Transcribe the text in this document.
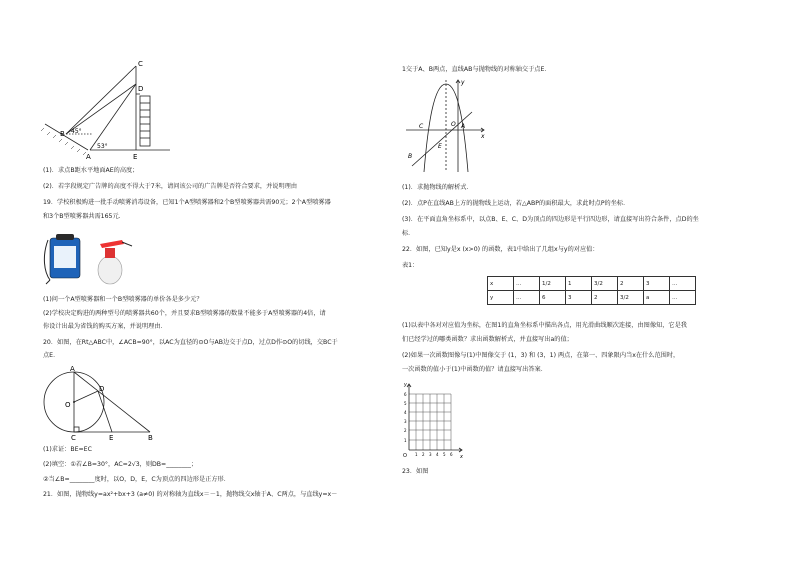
C
D
B
A	E
45°
53°
(1)．求点B距水平地面AE的高度；
(2)．若字段规定广告牌的高度不得大于7米，请问该公司的广告牌是否符合要求，并说明理由
19．学校积极购进一批手动喷雾消毒设备，已知1个A型喷雾器和2个B型喷雾器共需90元；2个A型喷雾器
和3个B型喷雾器共需165元．
(1)问一个A型喷雾器和一个B型喷雾器的单价各是多少元？
(2)学校决定购进的两种型号的喷雾器共60个，并且要求B型喷雾器的数量不能多于A型喷雾器的4倍，请
你设计出最为省钱的购买方案，并说明理由．
20．如图，在Rt△ABC中，∠ACB=90°，以AC为直径的⊙O与AB边交于点D，过点D作⊙O的切线，交BC于
点E．
A
O
D
C	E	B
(1)求证：BE=EC
(2)填空：①若∠B=30°，AC=2√3，则DB=________；
②当∠B=________度时，以O，D，E，C为顶点的四边形是正方形．
21．如图，抛物线y=ax²+bx+3 (a≠0) 的对称轴为直线x＝－1，抛物线交x轴于A、C两点，与直线y=x－
1交于A、B两点，直线AB与抛物线的对称轴交于点E．
y
x
O A
C
E
B
(1)．求抛物线的解析式．
(2)．点P在直线AB上方的抛物线上运动，若△ABP的面积最大，求此时点P的坐标．
(3)．在平面直角坐标系中，以点B、E、C、D为顶点的四边形是平行四边形，请直接写出符合条件，点D的坐
标．
22．如图，已知y是x (x>0) 的函数，表1中给出了几组x与y的对应值：
表1：
x	…	1/2	1	3/2	2	3	…
y	…	6	3	2	3/2	a	…
(1)以表中各对对应值为坐标，在图1的直角坐标系中描出各点，用光滑曲线顺次连接，由图像知，它是我
们已经学过的哪类函数？求出函数解析式，并直接写出a的值；
(2)如果一次函数图像与(1)中图像交于 (1，3) 和 (3，1) 两点，在第一、四象限内当x在什么范围时，
一次函数的值小于(1)中函数的值？请直接写出答案．
y
x
O
6
5
4
3
2
1
1 2 3 4 5 6
23．如图
